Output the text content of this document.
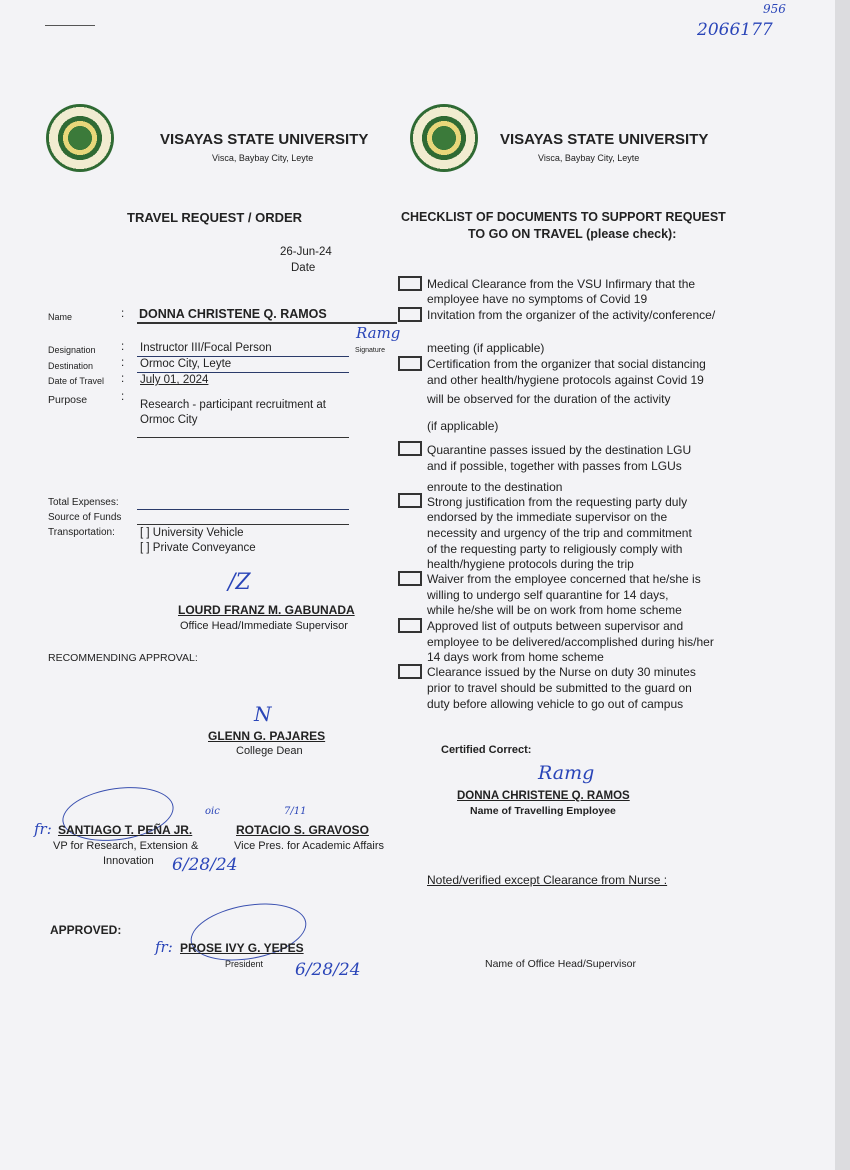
2066177
956
VISAYAS STATE UNIVERSITY
Visca, Baybay City, Leyte
VISAYAS STATE UNIVERSITY
Visca, Baybay City, Leyte
TRAVEL REQUEST / ORDER
26-Jun-24
Date
Name	: DONNA CHRISTENE Q. RAMOS
Designation : Instructor III/Focal Person	Signature
Ramg
Destination : Ormoc City, Leyte
Date of Travel : July 01, 2024
Purpose	:
Research - participant recruitment at
Ormoc City
Total Expenses:
Source of Funds
Transportation: [ ] University Vehicle
[ ] Private Conveyance
/Z
LOURD FRANZ M. GABUNADA
Office Head/Immediate Supervisor
RECOMMENDING APPROVAL:
N
GLENN G. PAJARES
College Dean
fr: SANTIAGO T. PEÑA JR.
oic
VP for Research, Extension &
Innovation 6/28/24
7/11
ROTACIO S. GRAVOSO
Vice Pres. for Academic Affairs
APPROVED:
fr: PROSE IVY G. YEPES
President 6/28/24
CHECKLIST OF DOCUMENTS TO SUPPORT REQUEST
TO GO ON TRAVEL (please check):
Medical Clearance from the VSU Infirmary that the
employee have no symptoms of Covid 19
Invitation from the organizer of the activity/conference/
meeting (if applicable)
Certification from the organizer that social distancing
and other health/hygiene protocols against Covid 19
will be observed for the duration of the activity
(if applicable)
Quarantine passes issued by the destination LGU
and if possible, together with passes from LGUs
enroute to the destination
Strong justification from the requesting party duly
endorsed by the immediate supervisor on the
necessity and urgency of the trip and commitment
of the requesting party to religiously comply with
health/hygiene protocols during the trip
Waiver from the employee concerned that he/she is
willing to undergo self quarantine for 14 days,
while he/she will be on work from home scheme
Approved list of outputs between supervisor and
employee to be delivered/accomplished during his/her
14 days work from home scheme
Clearance issued by the Nurse on duty 30 minutes
prior to travel should be submitted to the guard on
duty before allowing vehicle to go out of campus
Certified Correct:
Ramg
DONNA CHRISTENE Q. RAMOS
Name of Travelling Employee
Noted/verified except Clearance from Nurse :
Name of Office Head/Supervisor
